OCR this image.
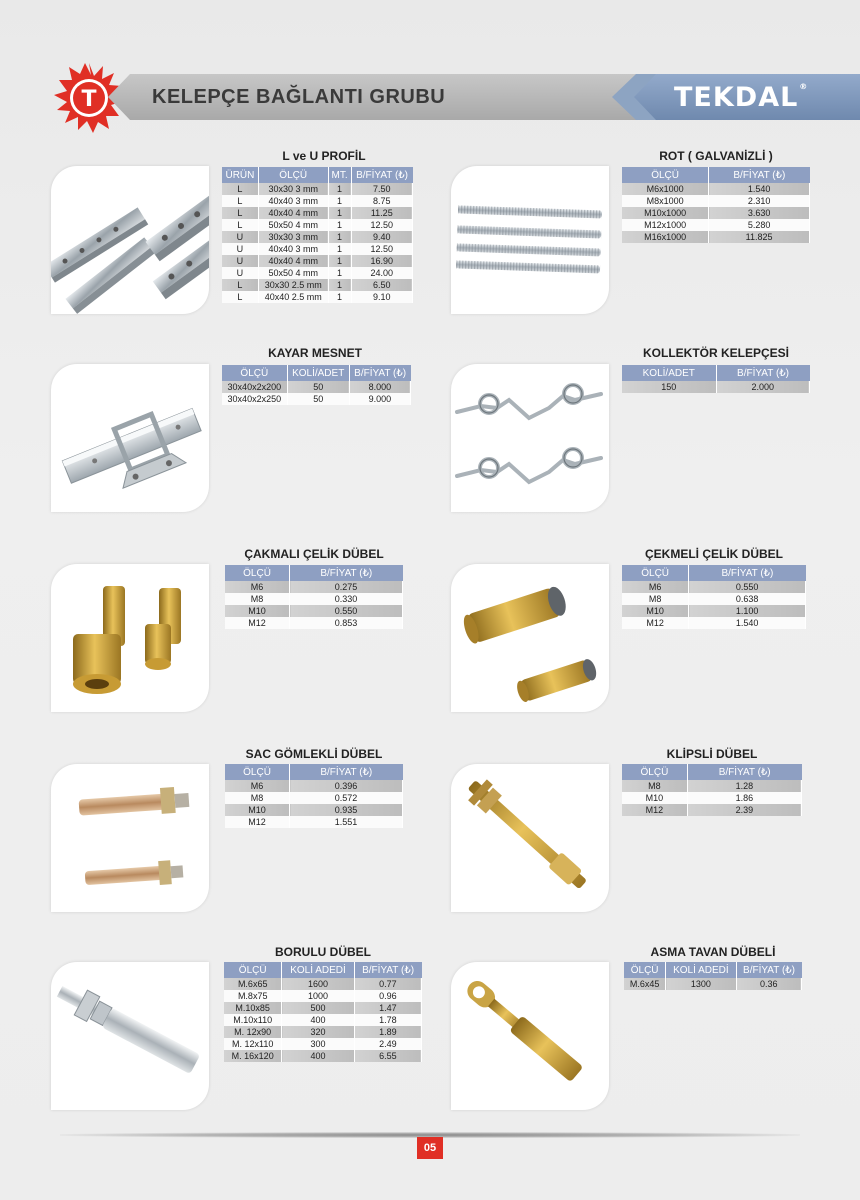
T	KELEPÇE BAĞLANTI GRUBU	TEKDAL®
L ve U PROFİL
ÜRÜN	ÖLÇÜ	MT.	B/FİYAT (₺)
L	30x30 3 mm	1	7.50
L	40x40 3 mm	1	8.75
L	40x40 4 mm	1	11.25
L	50x50 4 mm	1	12.50
U	30x30 3 mm	1	9.40
U	40x40 3 mm	1	12.50
U	40x40 4 mm	1	16.90
U	50x50 4 mm	1	24.00
L	30x30 2.5 mm	1	6.50
L	40x40 2.5 mm	1	9.10
ROT ( GALVANİZLİ )
ÖLÇÜ	B/FİYAT (₺)
M6x1000	1.540
M8x1000	2.310
M10x1000	3.630
M12x1000	5.280
M16x1000	11.825
KAYAR MESNET
ÖLÇÜ	KOLİ/ADET	B/FİYAT (₺)
30x40x2x200	50	8.000
30x40x2x250	50	9.000
KOLLEKTÖR KELEPÇESİ
KOLİ/ADET	B/FİYAT (₺)
150	2.000
ÇAKMALI ÇELİK DÜBEL
ÖLÇÜ	B/FİYAT (₺)
M6	0.275
M8	0.330
M10	0.550
M12	0.853
ÇEKMELİ ÇELİK DÜBEL
ÖLÇÜ	B/FİYAT (₺)
M6	0.550
M8	0.638
M10	1.100
M12	1.540
SAC GÖMLEKLİ DÜBEL
ÖLÇÜ	B/FİYAT (₺)
M6	0.396
M8	0.572
M10	0.935
M12	1.551
KLİPSLİ DÜBEL
ÖLÇÜ	B/FİYAT (₺)
M8	1.28
M10	1.86
M12	2.39
BORULU DÜBEL
ÖLÇÜ	KOLİ ADEDİ	B/FİYAT (₺)
M.6x65	1600	0.77
M.8x75	1000	0.96
M.10x85	500	1.47
M.10x110	400	1.78
M. 12x90	320	1.89
M. 12x110	300	2.49
M. 16x120	400	6.55
ASMA TAVAN DÜBELİ
ÖLÇÜ	KOLİ ADEDİ	B/FİYAT (₺)
M.6x45	1300	0.36
05
